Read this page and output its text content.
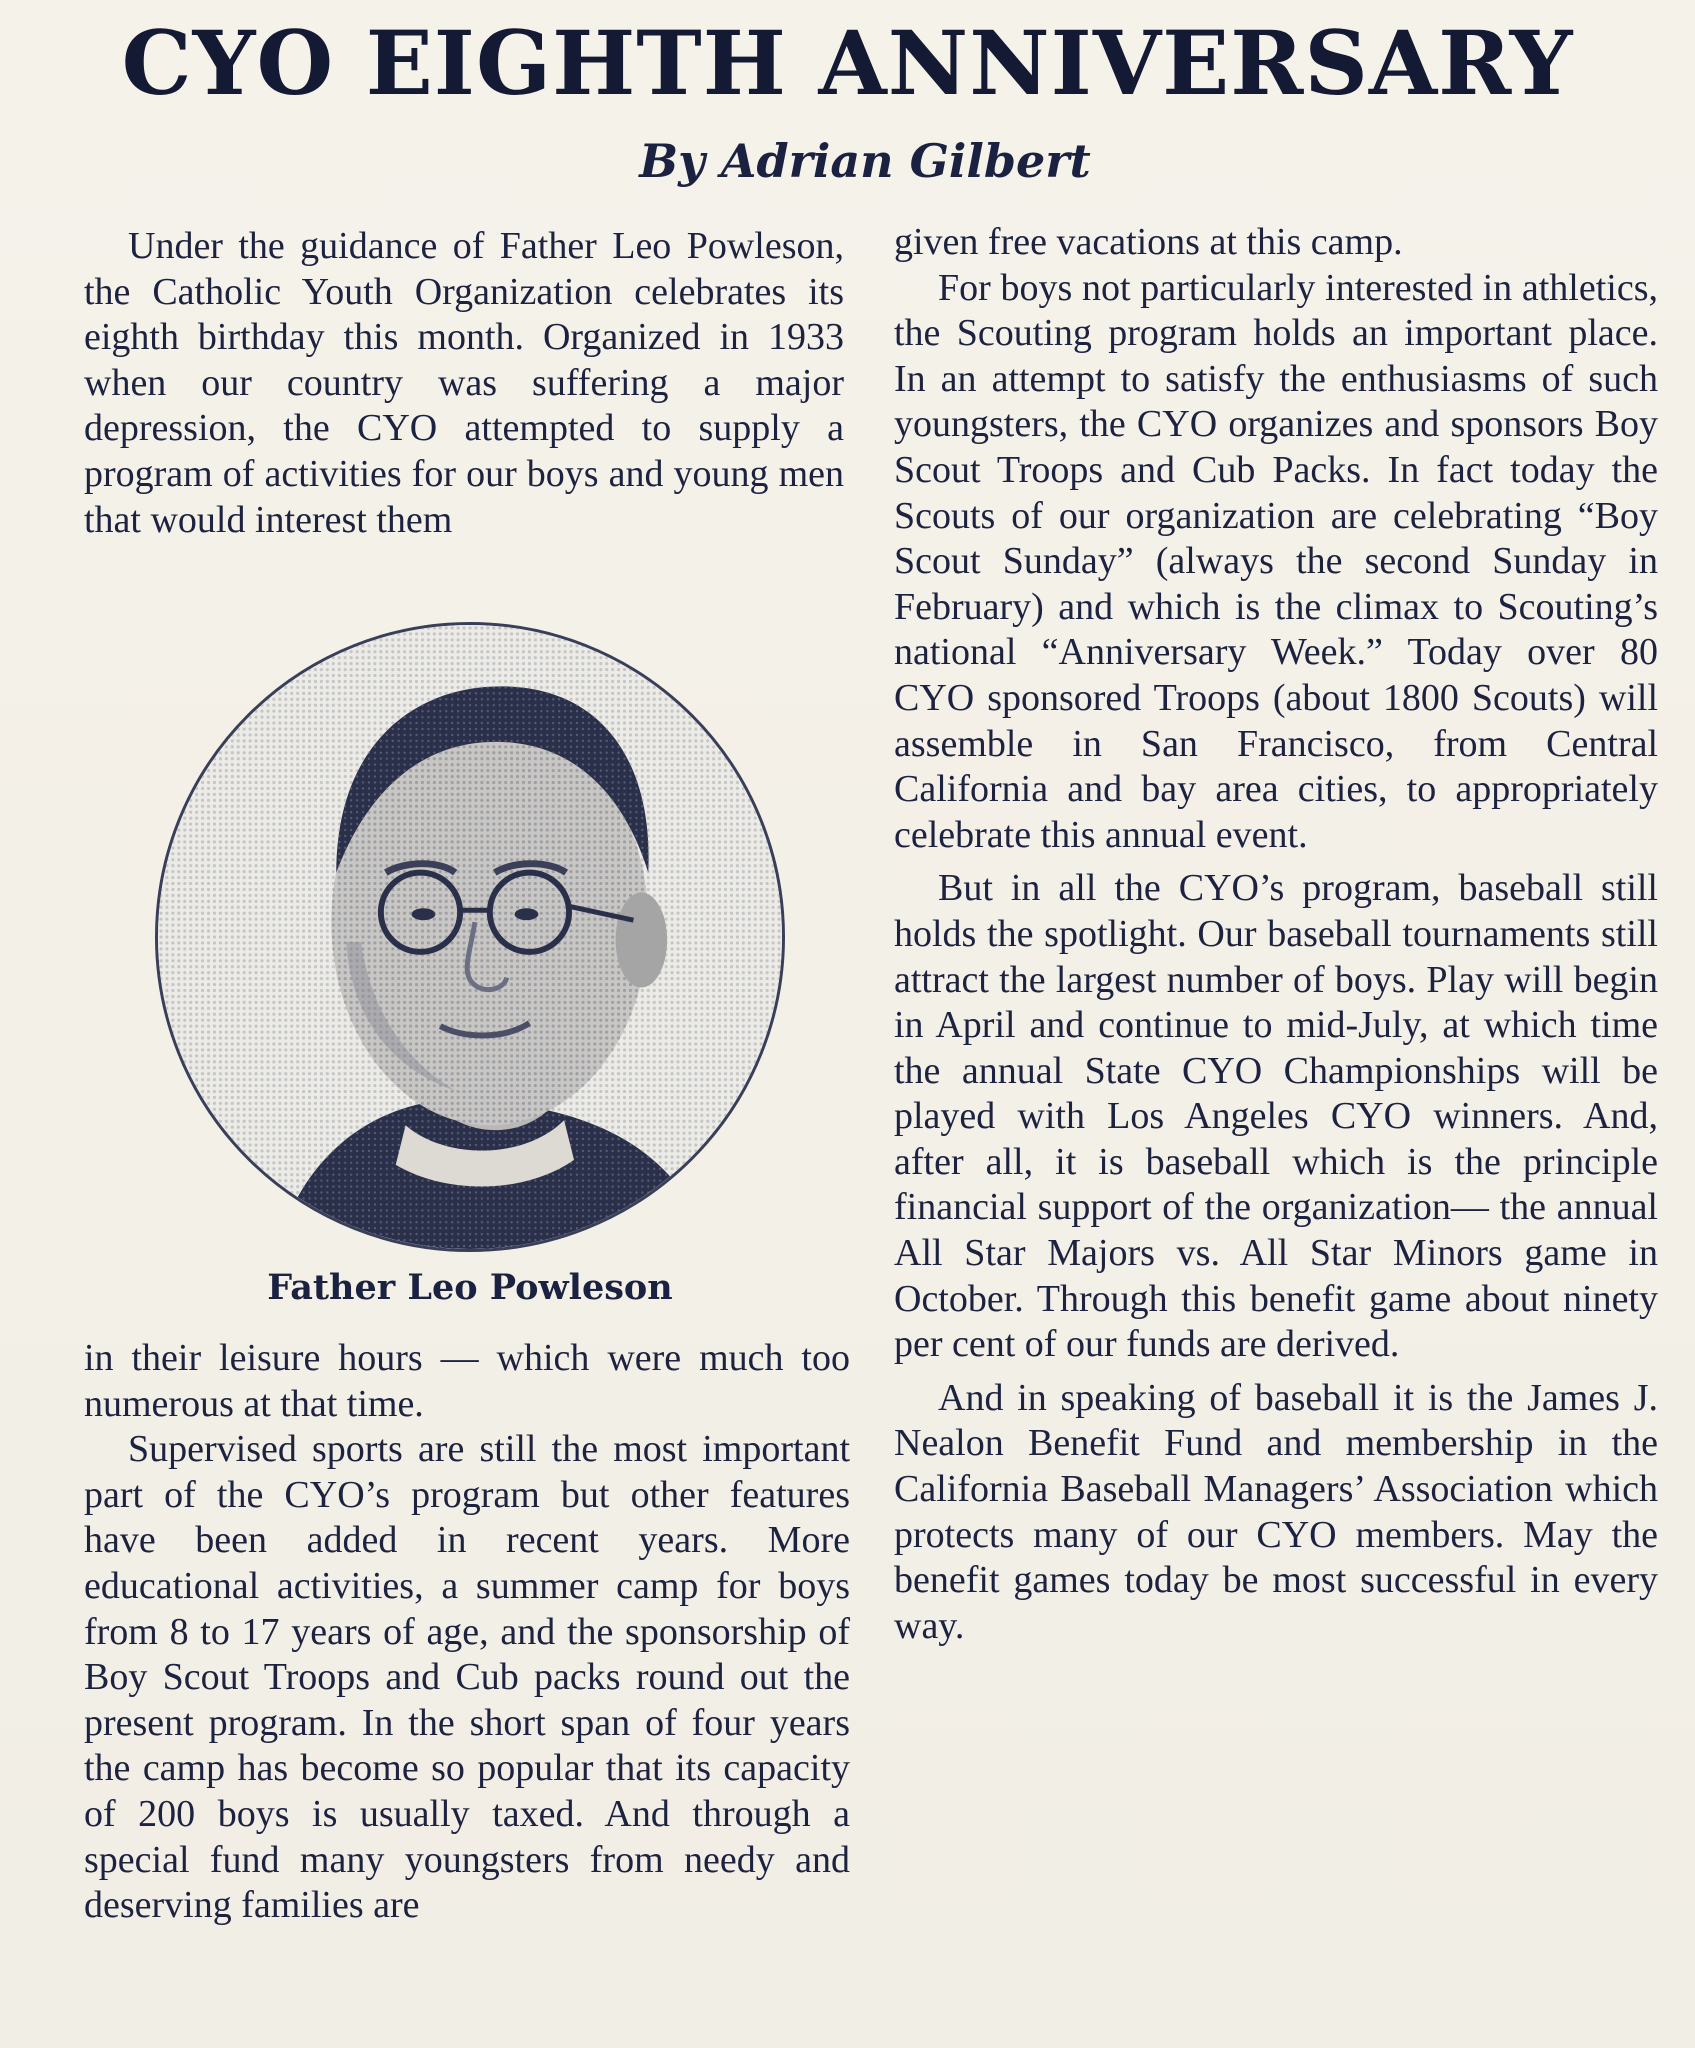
CYO EIGHTH ANNIVERSARY
By Adrian Gilbert

Under the guidance of Father Leo Powleson, the Catholic Youth Organization celebrates its eighth birthday this month. Organized in 1933 when our country was suffering a major depression, the CYO attempted to supply a program of activities for our boys and young men that would interest them

Father Leo Powleson

in their leisure hours — which were much too numerous at that time.

Supervised sports are still the most important part of the CYO’s program but other features have been added in recent years. More educational activities, a summer camp for boys from 8 to 17 years of age, and the sponsorship of Boy Scout Troops and Cub packs round out the present program. In the short span of four years the camp has become so popular that its capacity of 200 boys is usually taxed. And through a special fund many youngsters from needy and deserving families are

given free vacations at this camp.

For boys not particularly interested in athletics, the Scouting program holds an important place. In an attempt to satisfy the enthusiasms of such youngsters, the CYO organizes and sponsors Boy Scout Troops and Cub Packs. In fact today the Scouts of our organization are celebrating “Boy Scout Sunday” (always the second Sunday in February) and which is the climax to Scouting’s national “Anniversary Week.” Today over 80 CYO sponsored Troops (about 1800 Scouts) will assemble in San Francisco, from Central California and bay area cities, to appropriately celebrate this annual event.

But in all the CYO’s program, baseball still holds the spotlight. Our baseball tournaments still attract the largest number of boys. Play will begin in April and continue to mid-July, at which time the annual State CYO Championships will be played with Los Angeles CYO winners. And, after all, it is baseball which is the principle financial support of the organization— the annual All Star Majors vs. All Star Minors game in October. Through this benefit game about ninety per cent of our funds are derived.

And in speaking of baseball it is the James J. Nealon Benefit Fund and membership in the California Baseball Managers’ Association which protects many of our CYO members. May the benefit games today be most successful in every way.
